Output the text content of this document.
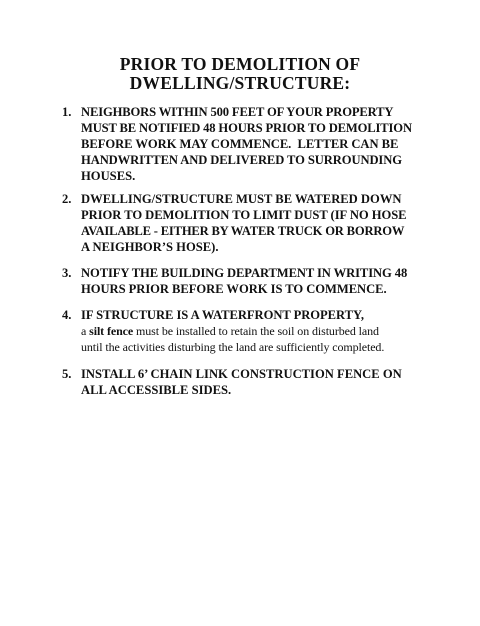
PRIOR TO DEMOLITION OF
DWELLING/STRUCTURE:
1. NEIGHBORS WITHIN 500 FEET OF YOUR PROPERTY
MUST BE NOTIFIED 48 HOURS PRIOR TO DEMOLITION
BEFORE WORK MAY COMMENCE.  LETTER CAN BE
HANDWRITTEN AND DELIVERED TO SURROUNDING
HOUSES.
2. DWELLING/STRUCTURE MUST BE WATERED DOWN
PRIOR TO DEMOLITION TO LIMIT DUST (IF NO HOSE
AVAILABLE - EITHER BY WATER TRUCK OR BORROW
A NEIGHBOR’S HOSE).
3. NOTIFY THE BUILDING DEPARTMENT IN WRITING 48
HOURS PRIOR BEFORE WORK IS TO COMMENCE.
4. IF STRUCTURE IS A WATERFRONT PROPERTY,
a silt fence must be installed to retain the soil on disturbed land
until the activities disturbing the land are sufficiently completed.
5. INSTALL 6’ CHAIN LINK CONSTRUCTION FENCE ON
ALL ACCESSIBLE SIDES.
